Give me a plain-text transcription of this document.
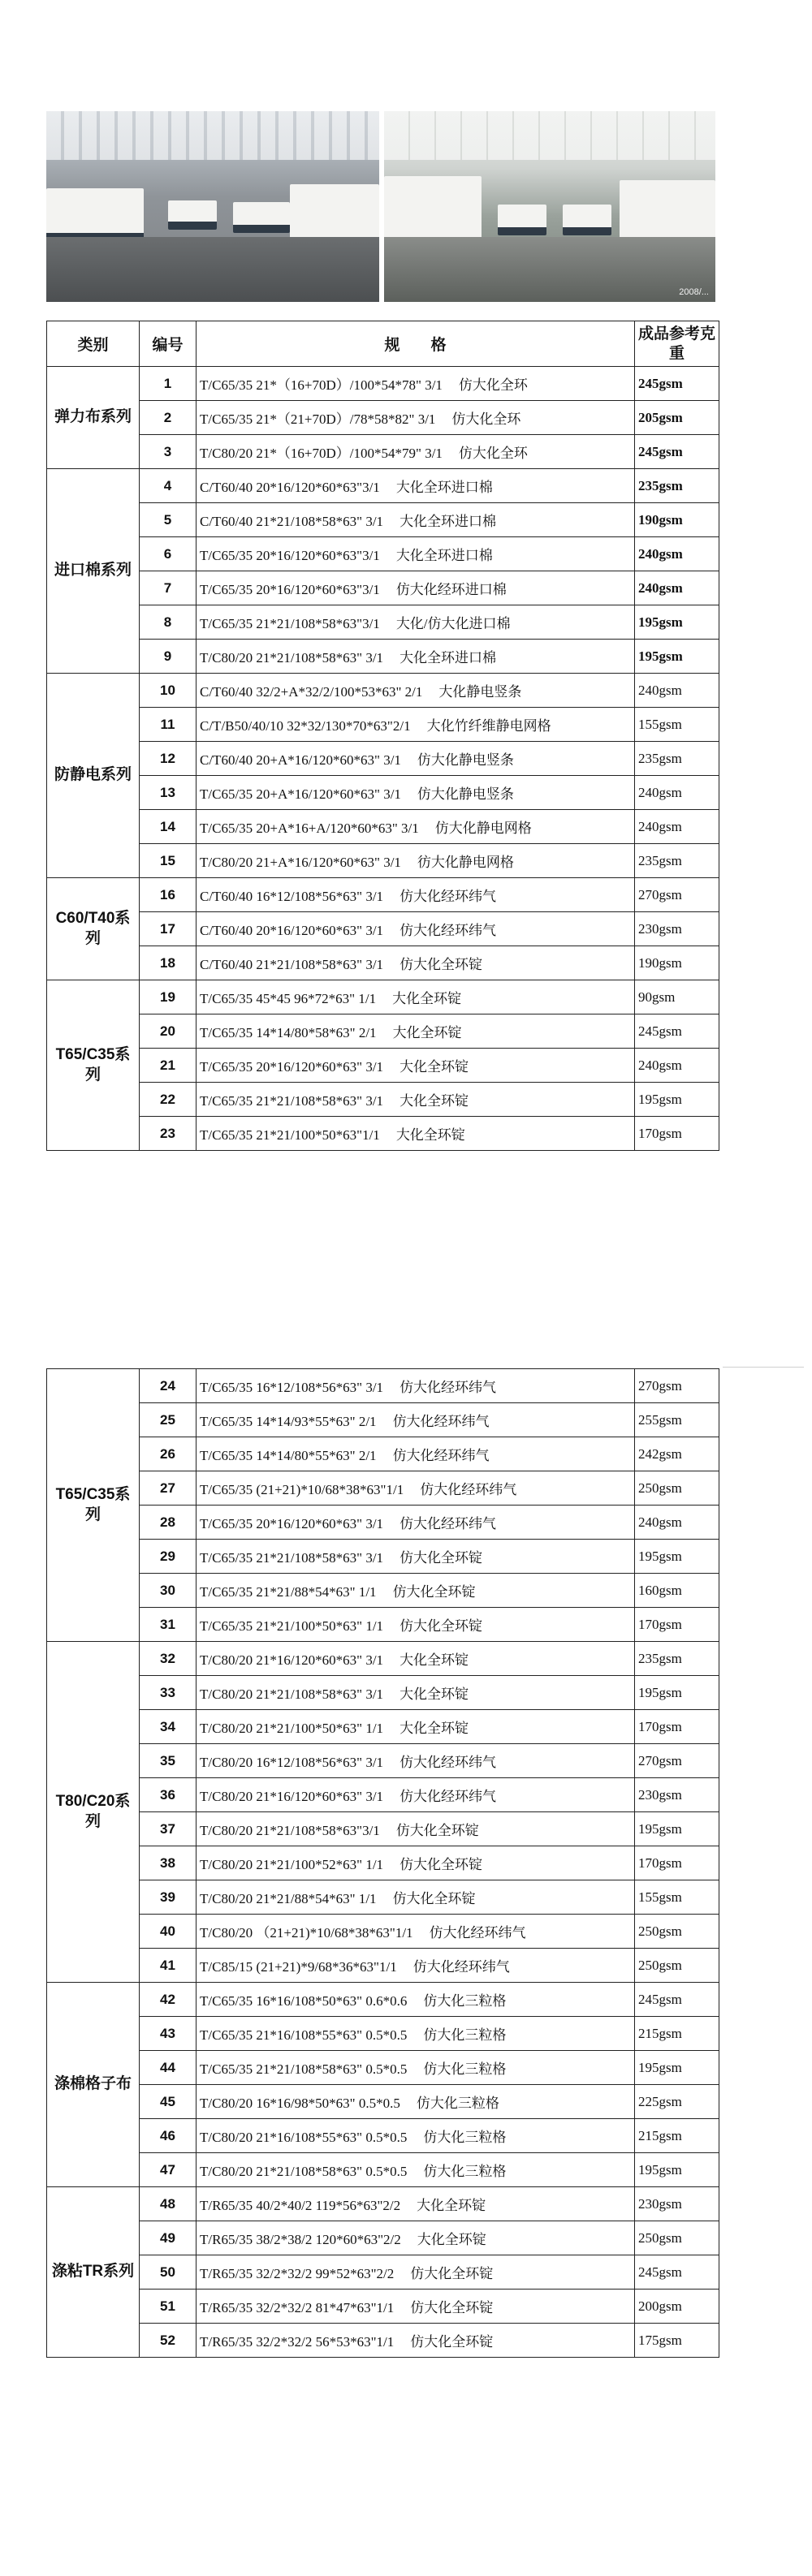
2008/...
类别	编号	规　　格	成品参考克重
弹力布系列	1	T/C65/35 21*（16+70D）/100*54*78" 3/1 仿大化全环	245gsm
	2	T/C65/35 21*（21+70D）/78*58*82" 3/1 仿大化全环	205gsm
	3	T/C80/20 21*（16+70D）/100*54*79" 3/1 仿大化全环	245gsm
进口棉系列	4	C/T60/40 20*16/120*60*63"3/1 大化全环进口棉	235gsm
	5	C/T60/40 21*21/108*58*63" 3/1 大化全环进口棉	190gsm
	6	T/C65/35 20*16/120*60*63"3/1 大化全环进口棉	240gsm
	7	T/C65/35 20*16/120*60*63"3/1 仿大化经环进口棉	240gsm
	8	T/C65/35 21*21/108*58*63"3/1 大化/仿大化进口棉	195gsm
	9	T/C80/20 21*21/108*58*63" 3/1 大化全环进口棉	195gsm
防静电系列	10	C/T60/40 32/2+A*32/2/100*53*63" 2/1 大化静电竖条	240gsm
	11	C/T/B50/40/10 32*32/130*70*63"2/1 大化竹纤维静电网格	155gsm
	12	C/T60/40 20+A*16/120*60*63" 3/1 仿大化静电竖条	235gsm
	13	T/C65/35 20+A*16/120*60*63" 3/1 仿大化静电竖条	240gsm
	14	T/C65/35 20+A*16+A/120*60*63" 3/1 仿大化静电网格	240gsm
	15	T/C80/20 21+A*16/120*60*63" 3/1 彷大化静电网格	235gsm
C60/T40系列	16	C/T60/40 16*12/108*56*63" 3/1 仿大化经环纬气	270gsm
	17	C/T60/40 20*16/120*60*63" 3/1 仿大化经环纬气	230gsm
	18	C/T60/40 21*21/108*58*63" 3/1 仿大化全环锭	190gsm
T65/C35系列	19	T/C65/35 45*45 96*72*63" 1/1 大化全环锭	90gsm
	20	T/C65/35 14*14/80*58*63" 2/1 大化全环锭	245gsm
	21	T/C65/35 20*16/120*60*63" 3/1 大化全环锭	240gsm
	22	T/C65/35 21*21/108*58*63" 3/1 大化全环锭	195gsm
	23	T/C65/35 21*21/100*50*63"1/1 大化全环锭	170gsm
T65/C35系列	24	T/C65/35 16*12/108*56*63" 3/1 仿大化经环纬气	270gsm
	25	T/C65/35 14*14/93*55*63" 2/1 仿大化经环纬气	255gsm
	26	T/C65/35 14*14/80*55*63" 2/1 仿大化经环纬气	242gsm
	27	T/C65/35 (21+21)*10/68*38*63"1/1 仿大化经环纬气	250gsm
	28	T/C65/35 20*16/120*60*63" 3/1 仿大化经环纬气	240gsm
	29	T/C65/35 21*21/108*58*63" 3/1 仿大化全环锭	195gsm
	30	T/C65/35 21*21/88*54*63" 1/1 仿大化全环锭	160gsm
	31	T/C65/35 21*21/100*50*63" 1/1 仿大化全环锭	170gsm
T80/C20系列	32	T/C80/20 21*16/120*60*63" 3/1 大化全环锭	235gsm
	33	T/C80/20 21*21/108*58*63" 3/1 大化全环锭	195gsm
	34	T/C80/20 21*21/100*50*63" 1/1 大化全环锭	170gsm
	35	T/C80/20 16*12/108*56*63" 3/1 仿大化经环纬气	270gsm
	36	T/C80/20 21*16/120*60*63" 3/1 仿大化经环纬气	230gsm
	37	T/C80/20 21*21/108*58*63"3/1 仿大化全环锭	195gsm
	38	T/C80/20 21*21/100*52*63" 1/1 仿大化全环锭	170gsm
	39	T/C80/20 21*21/88*54*63" 1/1 仿大化全环锭	155gsm
	40	T/C80/20 （21+21)*10/68*38*63"1/1 仿大化经环纬气	250gsm
	41	T/C85/15 (21+21)*9/68*36*63"1/1 仿大化经环纬气	250gsm
涤棉格子布	42	T/C65/35 16*16/108*50*63" 0.6*0.6 仿大化三粒格	245gsm
	43	T/C65/35 21*16/108*55*63" 0.5*0.5 仿大化三粒格	215gsm
	44	T/C65/35 21*21/108*58*63" 0.5*0.5 仿大化三粒格	195gsm
	45	T/C80/20 16*16/98*50*63" 0.5*0.5 仿大化三粒格	225gsm
	46	T/C80/20 21*16/108*55*63" 0.5*0.5 仿大化三粒格	215gsm
	47	T/C80/20 21*21/108*58*63" 0.5*0.5 仿大化三粒格	195gsm
涤粘TR系列	48	T/R65/35 40/2*40/2 119*56*63"2/2 大化全环锭	230gsm
	49	T/R65/35 38/2*38/2 120*60*63"2/2 大化全环锭	250gsm
	50	T/R65/35 32/2*32/2 99*52*63"2/2 仿大化全环锭	245gsm
	51	T/R65/35 32/2*32/2 81*47*63"1/1 仿大化全环锭	200gsm
	52	T/R65/35 32/2*32/2 56*53*63"1/1 仿大化全环锭	175gsm
